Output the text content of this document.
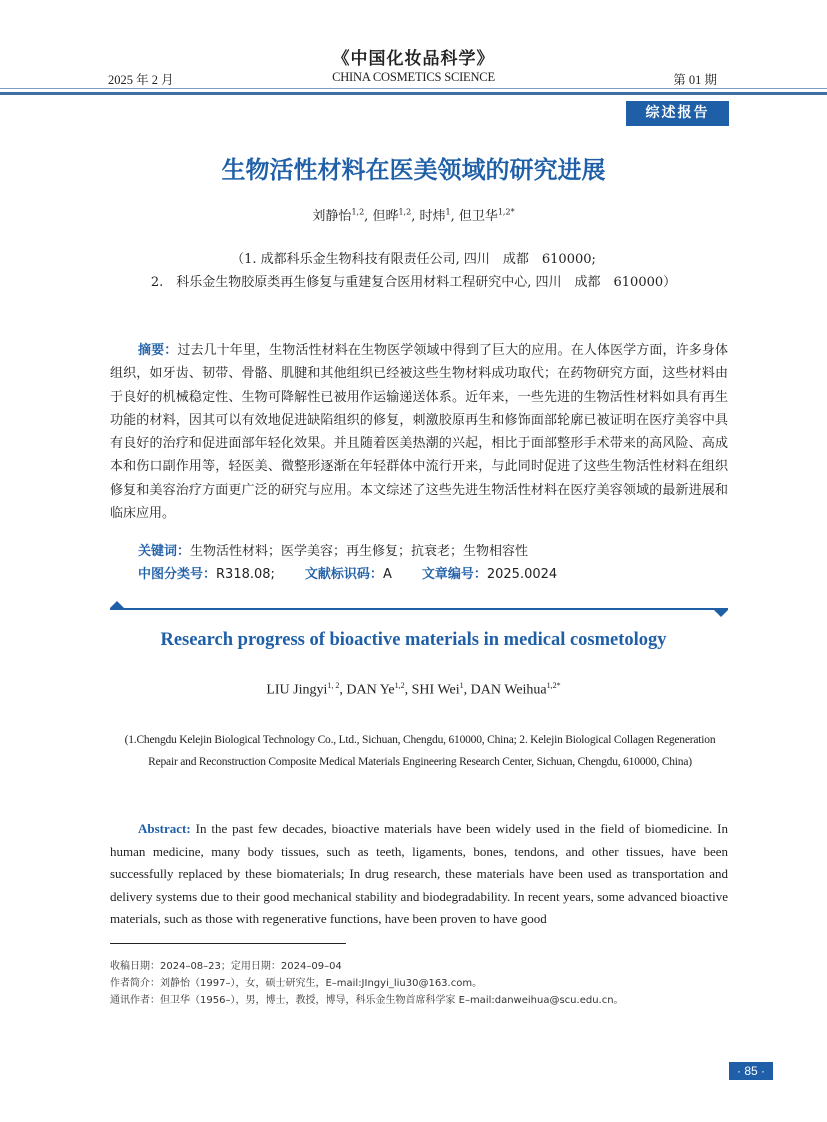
《中国化妆品科学》
2025 年 2 月	CHINA COSMETICS SCIENCE	第 01 期
综述报告
生物活性材料在医美领域的研究进展
刘静怡$^{1,2}$, 但晔$^{1,2}$, 时炜$^1$, 但卫华$^{1,2*}$
（1. 成都科乐金生物科技有限责任公司, 四川　成都　610000;
2.　科乐金生物胶原类再生修复与重建复合医用材料工程研究中心, 四川　成都　610000）
摘要：过去几十年里，生物活性材料在生物医学领域中得到了巨大的应用。在人体医学方面，许多身体组织，如牙齿、韧带、骨骼、肌腱和其他组织已经被这些生物材料成功取代；在药物研究方面，这些材料由于良好的机械稳定性、生物可降解性已被用作运输递送体系。近年来，一些先进的生物活性材料如具有再生功能的材料，因其可以有效地促进缺陷组织的修复，刺激胶原再生和修饰面部轮廓已被证明在医疗美容中具有良好的治疗和促进面部年轻化效果。并且随着医美热潮的兴起，相比于面部整形手术带来的高风险、高成本和伤口副作用等，轻医美、微整形逐渐在年轻群体中流行开来，与此同时促进了这些生物活性材料在组织修复和美容治疗方面更广泛的研究与应用。本文综述了这些先进生物活性材料在医疗美容领域的最新进展和临床应用。
关键词：生物活性材料；医学美容；再生修复；抗衰老；生物相容性
中图分类号：R318.08; 文献标识码：A 文章编号：2025.0024
Research progress of bioactive materials in medical cosmetology
LIU Jingyi$^{1, 2}$, DAN Ye$^{1,2}$, SHI Wei$^1$, DAN Weihua$^{1,2*}$
(1.Chengdu Kelejin Biological Technology Co., Ltd., Sichuan, Chengdu, 610000, China; 2. Kelejin Biological Collagen Regeneration Repair and Reconstruction Composite Medical Materials Engineering Research Center, Sichuan, Chengdu, 610000, China)
Abstract: In the past few decades, bioactive materials have been widely used in the field of biomedicine. In human medicine, many body tissues, such as teeth, ligaments, bones, tendons, and other tissues, have been successfully replaced by these biomaterials; In drug research, these materials have been used as transportation and delivery systems due to their good mechanical stability and biodegradability. In recent years, some advanced bioactive materials, such as those with regenerative functions, have been proven to have good
收稿日期：2024–08–23；定用日期：2024–09–04
作者简介：刘静怡（1997–），女，硕士研究生，E–mail:JIngyi_liu30@163.com。
通讯作者：但卫华（1956–），男，博士，教授，博导，科乐金生物首席科学家 E–mail:danweihua@scu.edu.cn。
· 85 ·
